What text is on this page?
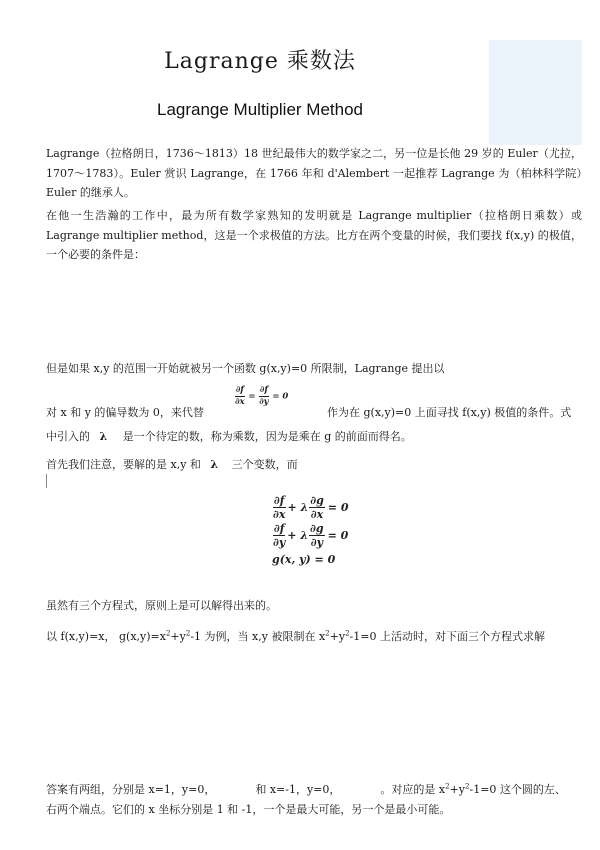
Lagrange 乘数法
Lagrange Multiplier Method
Lagrange（拉格朗日，1736～1813）18 世纪最伟大的数学家之二，另一位是长他 29 岁的 Euler（尤拉，1707～1783）。Euler 赏识 Lagrange，在 1766 年和 d'Alembert 一起推荐 Lagrange 为（柏林科学院）Euler 的继承人。
在他一生浩瀚的工作中，最为所有数学家熟知的发明就是 Lagrange multiplier（拉格朗日乘数）或 Lagrange multiplier method，这是一个求极值的方法。比方在两个变量的时候，我们要找 f(x,y) 的极值，一个必要的条件是：
但是如果 x,y 的范围一开始就被另一个函数 g(x,y)=0 所限制，Lagrange 提出以
对 x 和 y 的偏导数为 0，来代替
$\frac{\partial f}{\partial x} = \frac{\partial f}{\partial y} = 0$
作为在 g(x,y)=0 上面寻找 f(x,y) 极值的条件。式
中引入的 λ 是一个待定的数，称为乘数，因为是乘在 g 的前面而得名。
首先我们注意，要解的是 x,y 和 λ 三个变数，而
$\frac{\partial f}{\partial x} + \lambda \frac{\partial g}{\partial x} = 0$
$\frac{\partial f}{\partial y} + \lambda \frac{\partial g}{\partial y} = 0$
g(x, y) = 0
虽然有三个方程式，原则上是可以解得出来的。
以 f(x,y)=x， $g(x,y)=x^2+y^2-1$ 为例，当 x,y 被限制在 $x^2+y^2-1=0$ 上活动时，对下面三个方程式求解
答案有两组，分别是 x=1，y=0，	和 x=-1，y=0，	。对应的是 $x^2+y^2-1=0$ 这个圆的左、
右两个端点。它们的 x 坐标分别是 1 和 -1，一个是最大可能，另一个是最小可能。
